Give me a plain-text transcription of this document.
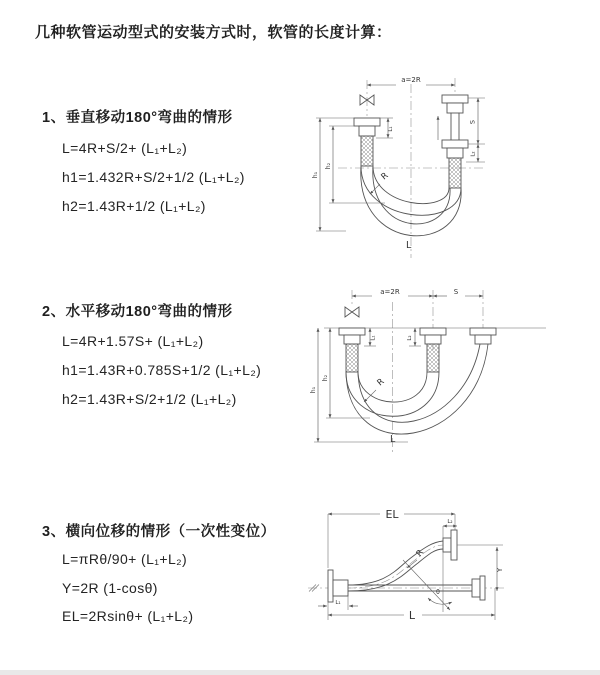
几种软管运动型式的安装方式时，软管的长度计算：
1、垂直移动180°弯曲的情形
L=4R+S/2+ (L₁+L₂)
h1=1.432R+S/2+1/2 (L₁+L₂)
h2=1.43R+1/2 (L₁+L₂)
2、水平移动180°弯曲的情形
L=4R+1.57S+ (L₁+L₂)
h1=1.43R+0.785S+1/2 (L₁+L₂)
h2=1.43R+S/2+1/2 (L₁+L₂)
3、横向位移的情形（一次性变位）
L=πRθ/90+ (L₁+L₂)
Y=2R (1-cosθ)
EL=2Rsinθ+ (L₁+L₂)
a=2R
h₁
h₂
L₁
S
L₂
R
L
a=2R	S
h₁
h₂
L₁	L₂
R
L
EL
L₂
Y
L
L₁
θ
R
